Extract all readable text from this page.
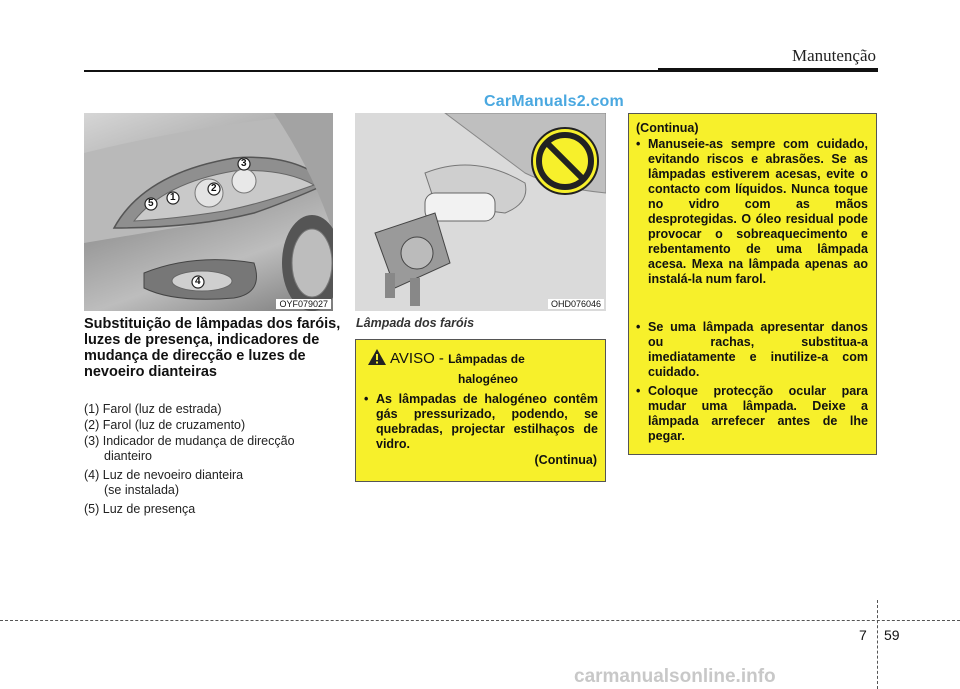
Manutenção
CarManuals2.com
1
2
3
4
5
OYF079027	OHD076046
Substituição de lâmpadas dos faróis, luzes de presença, indicadores de mudança de direcção e luzes de nevoeiro dianteiras
(1) Farol (luz de estrada)
(2) Farol (luz de cruzamento)
(3) Indicador de mudança de direcção
dianteiro
(4) Luz de nevoeiro dianteira
(se instalada)
(5) Luz de presença
Lâmpada dos faróis
AVISO - Lâmpadas de
halogéneo
• As lâmpadas de halogéneo contêm gás pressurizado, podendo, se quebradas, projectar estilhaços de vidro.
(Continua)
(Continua)
• Manuseie-as sempre com cuidado, evitando riscos e abrasões. Se as lâmpadas estiverem acesas, evite o contacto com líquidos. Nunca toque no vidro com as mãos desprotegidas. O óleo residual pode provocar o sobreaquecimento e rebentamento de uma lâmpada acesa. Mexa na lâmpada apenas ao instalá-la num farol.
• Se uma lâmpada apresentar danos ou rachas, substitua-a imediatamente e inutilize-a com cuidado.
• Coloque protecção ocular para mudar uma lâmpada. Deixe a lâmpada arrefecer antes de lhe pegar.
7 59
carmanualsonline.info
